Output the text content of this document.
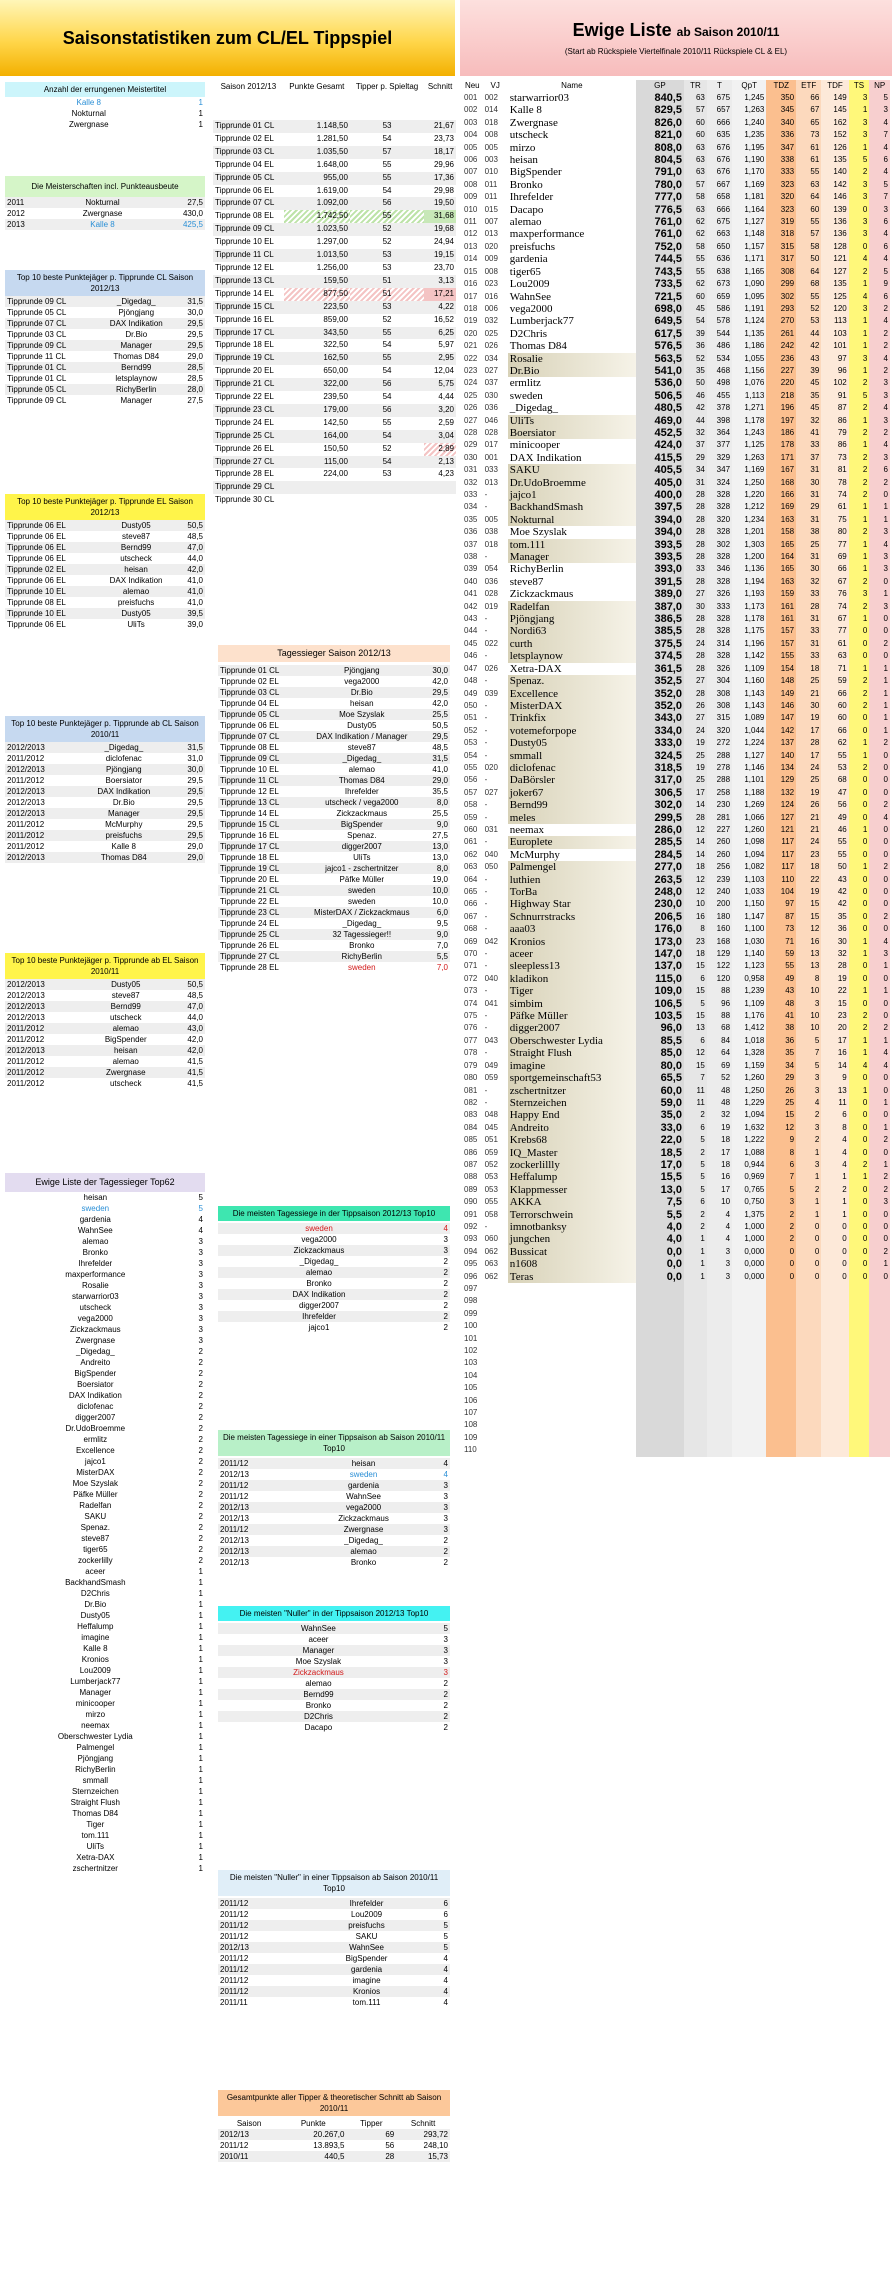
Saisonstatistiken zum CL/EL Tippspiel	Ewige Liste ab Saison 2010/11
(Start ab Rückspiele Viertelfinale 2010/11 Rückspiele CL & EL)
Anzahl der errungenen Meistertitel
Kalle 8	1
Nokturnal	1
Zwergnase	1
Die Meisterschaften incl. Punkteausbeute
2011	Nokturnal	27,5
2012	Zwergnase	430,0
2013	Kalle 8	425,5
Top 10 beste Punktejäger p. Tipprunde CL Saison 2012/13
Tipprunde 09 CL	_Digedag_	31,5
Tipprunde 05 CL	Pjöngjang	30,0
Tipprunde 07 CL	DAX Indikation	29,5
Tipprunde 03 CL	Dr.Bio	29,5
Tipprunde 09 CL	Manager	29,5
Tipprunde 11 CL	Thomas D84	29,0
Tipprunde 01 CL	Bernd99	28,5
Tipprunde 01 CL	letsplaynow	28,5
Tipprunde 05 CL	RichyBerlin	28,0
Tipprunde 09 CL	Manager	27,5
Top 10 beste Punktejäger p. Tipprunde EL Saison 2012/13
Tipprunde 06 EL	Dusty05	50,5
Tipprunde 06 EL	steve87	48,5
Tipprunde 06 EL	Bernd99	47,0
Tipprunde 06 EL	utscheck	44,0
Tipprunde 02 EL	heisan	42,0
Tipprunde 06 EL	DAX Indikation	41,0
Tipprunde 10 EL	alemao	41,0
Tipprunde 08 EL	preisfuchs	41,0
Tipprunde 10 EL	Dusty05	39,5
Tipprunde 06 EL	UliTs	39,0
Top 10 beste Punktejäger p. Tipprunde ab CL Saison 2010/11
2012/2013	_Digedag_	31,5
2011/2012	diclofenac	31,0
2012/2013	Pjöngjang	30,0
2011/2012	Boersiator	29,5
2012/2013	DAX Indikation	29,5
2012/2013	Dr.Bio	29,5
2012/2013	Manager	29,5
2011/2012	McMurphy	29,5
2011/2012	preisfuchs	29,5
2011/2012	Kalle 8	29,0
2012/2013	Thomas D84	29,0
Top 10 beste Punktejäger p. Tipprunde ab EL Saison 2010/11
2012/2013	Dusty05	50,5
2012/2013	steve87	48,5
2012/2013	Bernd99	47,0
2012/2013	utscheck	44,0
2011/2012	alemao	43,0
2011/2012	BigSpender	42,0
2012/2013	heisan	42,0
2011/2012	alemao	41,5
2011/2012	Zwergnase	41,5
2011/2012	utscheck	41,5
Ewige Liste der Tagessieger Top62
heisan	5
sweden	5
gardenia	4
WahnSee	4
alemao	3
Bronko	3
Ihrefelder	3
maxperformance	3
Rosalie	3
starwarrior03	3
utscheck	3
vega2000	3
Zickzackmaus	3
Zwergnase	3
_Digedag_	2
Andreito	2
BigSpender	2
Boersiator	2
DAX Indikation	2
diclofenac	2
digger2007	2
Dr.UdoBroemme	2
ermlitz	2
Excellence	2
jajco1	2
MisterDAX	2
Moe Szyslak	2
Päfke Müller	2
Radelfan	2
SAKU	2
Spenaz.	2
steve87	2
tiger65	2
zockerlilly	2
aceer	1
BackhandSmash	1
D2Chris	1
Dr.Bio	1
Dusty05	1
Heffalump	1
imagine	1
Kalle 8	1
Kronios	1
Lou2009	1
Lumberjack77	1
Manager	1
minicooper	1
mirzo	1
neemax	1
Oberschwester Lydia	1
Palmengel	1
Pjöngjang	1
RichyBerlin	1
smmall	1
Sternzeichen	1
Straight Flush	1
Thomas D84	1
Tiger	1
tom.111	1
UliTs	1
Xetra-DAX	1
zschertnitzer	1
Saison 2012/13	Punkte Gesamt	Tipper p. Spieltag	Schnitt
Tipprunde 01 CL	1.148,50	53	21,67
Tipprunde 02 EL	1.281,50	54	23,73
Tipprunde 03 CL	1.035,50	57	18,17
Tipprunde 04 EL	1.648,00	55	29,96
Tipprunde 05 CL	955,00	55	17,36
Tipprunde 06 EL	1.619,00	54	29,98
Tipprunde 07 CL	1.092,00	56	19,50
Tipprunde 08 EL	1.742,50	55	31,68
Tipprunde 09 CL	1.023,50	52	19,68
Tipprunde 10 EL	1.297,00	52	24,94
Tipprunde 11 CL	1.013,50	53	19,15
Tipprunde 12 EL	1.256,00	53	23,70
Tipprunde 13 CL	159,50	51	3,13
Tipprunde 14 EL	877,50	51	17,21
Tipprunde 15 CL	223,50	53	4,22
Tipprunde 16 EL	859,00	52	16,52
Tipprunde 17 CL	343,50	55	6,25
Tipprunde 18 EL	322,50	54	5,97
Tipprunde 19 CL	162,50	55	2,95
Tipprunde 20 EL	650,00	54	12,04
Tipprunde 21 CL	322,00	56	5,75
Tipprunde 22 EL	239,50	54	4,44
Tipprunde 23 CL	179,00	56	3,20
Tipprunde 24 EL	142,50	55	2,59
Tipprunde 25 CL	164,00	54	3,04
Tipprunde 26 EL	150,50	52	2,89
Tipprunde 27 CL	115,00	54	2,13
Tipprunde 28 EL	224,00	53	4,23
Tipprunde 29 CL			
Tipprunde 30 CL			
Tagessieger Saison 2012/13
Tipprunde 01 CL	Pjöngjang	30,0
Tipprunde 02 EL	vega2000	42,0
Tipprunde 03 CL	Dr.Bio	29,5
Tipprunde 04 EL	heisan	42,0
Tipprunde 05 CL	Moe Szyslak	25,5
Tipprunde 06 EL	Dusty05	50,5
Tipprunde 07 CL	DAX Indikation / Manager	29,5
Tipprunde 08 EL	steve87	48,5
Tipprunde 09 CL	_Digedag_	31,5
Tipprunde 10 EL	alemao	41,0
Tipprunde 11 CL	Thomas D84	29,0
Tipprunde 12 EL	Ihrefelder	35,5
Tipprunde 13 CL	utscheck / vega2000	8,0
Tipprunde 14 EL	Zickzackmaus	25,5
Tipprunde 15 CL	BigSpender	9,0
Tipprunde 16 EL	Spenaz.	27,5
Tipprunde 17 CL	digger2007	13,0
Tipprunde 18 EL	UliTs	13,0
Tipprunde 19 CL	jajco1 - zschertnitzer	8,0
Tipprunde 20 EL	Päfke Müller	19,0
Tipprunde 21 CL	sweden	10,0
Tipprunde 22 EL	sweden	10,0
Tipprunde 23 CL	MisterDAX / Zickzackmaus	6,0
Tipprunde 24 EL	_Digedag_	9,5
Tipprunde 25 CL	32 Tagessieger!!	9,0
Tipprunde 26 EL	Bronko	7,0
Tipprunde 27 CL	RichyBerlin	5,5
Tipprunde 28 EL	sweden	7,0
Die meisten Tagessiege in der Tippsaison 2012/13 Top10
sweden	4
vega2000	3
Zickzackmaus	3
_Digedag_	2
alemao	2
Bronko	2
DAX Indikation	2
digger2007	2
Ihrefelder	2
jajco1	2
Die meisten Tagessiege in einer Tippsaison ab Saison 2010/11 Top10
2011/12	heisan	4
2012/13	sweden	4
2011/12	gardenia	3
2011/12	WahnSee	3
2012/13	vega2000	3
2012/13	Zickzackmaus	3
2011/12	Zwergnase	3
2012/13	_Digedag_	2
2012/13	alemao	2
2012/13	Bronko	2
Die meisten "Nuller" in der Tippsaison 2012/13 Top10
WahnSee	5
aceer	3
Manager	3
Moe Szyslak	3
Zickzackmaus	3
alemao	2
Bernd99	2
Bronko	2
D2Chris	2
Dacapo	2
Die meisten "Nuller" in einer Tippsaison ab Saison 2010/11 Top10
2011/12	Ihrefelder	6
2011/12	Lou2009	6
2011/12	preisfuchs	5
2011/12	SAKU	5
2012/13	WahnSee	5
2011/12	BigSpender	4
2011/12	gardenia	4
2011/12	imagine	4
2011/12	Kronios	4
2011/11	tom.111	4
Gesamtpunkte aller Tipper & theoretischer Schnitt ab Saison 2010/11
Saison	Punkte	Tipper	Schnitt
2012/13	20.267,0	69	293,72
2011/12	13.893,5	56	248,10
2010/11	440,5	28	15,73
Neu	VJ	Name	GP	TR	T	QpT	TDZ	ETF	TDF	TS	NP
001	002	starwarrior03	840,5	63	675	1,245	350	66	149	3	5
002	014	Kalle 8	829,5	57	657	1,263	345	67	145	1	3
003	018	Zwergnase	826,0	60	666	1,240	340	65	162	3	4
004	008	utscheck	821,0	60	635	1,235	336	73	152	3	7
005	005	mirzo	808,0	63	676	1,195	347	61	126	1	4
006	003	heisan	804,5	63	676	1,190	338	61	135	5	6
007	010	BigSpender	791,0	63	676	1,170	333	55	140	2	4
008	011	Bronko	780,0	57	667	1,169	323	63	142	3	5
009	011	Ihrefelder	777,0	58	658	1,181	320	64	146	3	7
010	015	Dacapo	776,5	63	666	1,164	323	60	139	0	3
011	007	alemao	761,0	62	675	1,127	319	55	136	3	6
012	013	maxperformance	761,0	62	663	1,148	318	57	136	3	4
013	020	preisfuchs	752,0	58	650	1,157	315	58	128	0	6
014	009	gardenia	744,5	55	636	1,171	317	50	121	4	4
015	008	tiger65	743,5	55	638	1,165	308	64	127	2	5
016	023	Lou2009	733,5	62	673	1,090	299	68	135	1	9
017	016	WahnSee	721,5	60	659	1,095	302	55	125	4	6
018	006	vega2000	698,0	45	586	1,191	293	52	120	3	2
019	032	Lumberjack77	649,5	54	578	1,124	270	53	113	1	4
020	025	D2Chris	617,5	39	544	1,135	261	44	103	1	2
021	026	Thomas D84	576,5	36	486	1,186	242	42	101	1	2
022	034	Rosalie	563,5	52	534	1,055	236	43	97	3	4
023	027	Dr.Bio	541,0	35	468	1,156	227	39	96	1	2
024	037	ermlitz	536,0	50	498	1,076	220	45	102	2	3
025	030	sweden	506,5	46	455	1,113	218	35	91	5	3
026	036	_Digedag_	480,5	42	378	1,271	196	45	87	2	4
027	046	UliTs	469,0	44	398	1,178	197	32	86	1	3
028	028	Boersiator	452,5	32	364	1,243	186	41	79	2	2
029	017	minicooper	424,0	37	377	1,125	178	33	86	1	4
030	001	DAX Indikation	415,5	29	329	1,263	171	37	73	2	3
031	033	SAKU	405,5	34	347	1,169	167	31	81	2	6
032	013	Dr.UdoBroemme	405,0	31	324	1,250	168	30	78	2	2
033	-	jajco1	400,0	28	328	1,220	166	31	74	2	0
034	-	BackhandSmash	397,5	28	328	1,212	169	29	61	1	1
035	005	Nokturnal	394,0	28	320	1,234	163	31	75	1	1
036	038	Moe Szyslak	394,0	28	328	1,201	158	38	80	2	3
037	018	tom.111	393,5	28	302	1,303	165	25	77	1	4
038	-	Manager	393,5	28	328	1,200	164	31	69	1	3
039	054	RichyBerlin	393,0	33	346	1,136	165	30	66	1	3
040	036	steve87	391,5	28	328	1,194	163	32	67	2	0
041	028	Zickzackmaus	389,0	27	326	1,193	159	33	76	3	1
042	019	Radelfan	387,0	30	333	1,173	161	28	74	2	3
043	-	Pjöngjang	386,5	28	328	1,178	161	31	67	1	0
044	-	Nordi63	385,5	28	328	1,175	157	33	77	0	0
045	022	curth	375,5	24	314	1,196	157	31	61	0	2
046	-	letsplaynow	374,5	28	328	1,142	155	33	63	0	0
047	026	Xetra-DAX	361,5	28	326	1,109	154	18	71	1	1
048	-	Spenaz.	352,5	27	304	1,160	148	25	59	2	1
049	039	Excellence	352,0	28	308	1,143	149	21	66	2	1
050	-	MisterDAX	352,0	26	308	1,143	146	30	60	2	1
051	-	Trinkfix	343,0	27	315	1,089	147	19	60	0	1
052	-	votemeforpope	334,0	24	320	1,044	142	17	66	0	1
053	-	Dusty05	333,0	19	272	1,224	137	28	62	1	2
054	-	smmall	324,5	25	288	1,127	140	17	55	1	0
055	020	diclofenac	318,5	19	278	1,146	134	24	53	2	0
056	-	DaBörsler	317,0	25	288	1,101	129	25	68	0	0
057	027	joker67	306,5	17	258	1,188	132	19	47	0	0
058	-	Bernd99	302,0	14	230	1,269	124	26	56	0	2
059	-	meles	299,5	28	281	1,066	127	21	49	0	4
060	031	neemax	286,0	12	227	1,260	121	21	46	1	0
061	-	Europlete	285,5	14	260	1,098	117	24	55	0	0
062	040	McMurphy	284,5	14	260	1,094	117	23	55	0	0
063	050	Palmengel	277,0	18	256	1,082	117	18	50	1	2
064	-	luthien	263,5	12	239	1,103	110	22	43	0	0
065	-	TorBa	248,0	12	240	1,033	104	19	42	0	0
066	-	Highway Star	230,0	10	200	1,150	97	15	42	0	0
067	-	Schnurrstracks	206,5	16	180	1,147	87	15	35	0	2
068	-	aaa03	176,0	8	160	1,100	73	12	36	0	0
069	042	Kronios	173,0	23	168	1,030	71	16	30	1	4
070	-	aceer	147,0	18	129	1,140	59	13	32	1	3
071	-	sleepless13	137,0	15	122	1,123	55	13	28	0	1
072	040	kladikon	115,0	6	120	0,958	49	8	19	0	0
073	-	Tiger	109,0	15	88	1,239	43	10	22	1	1
074	041	simbim	106,5	5	96	1,109	48	3	15	0	0
075	-	Päfke Müller	103,5	15	88	1,176	41	10	23	2	0
076	-	digger2007	96,0	13	68	1,412	38	10	20	2	2
077	043	Oberschwester Lydia	85,5	6	84	1,018	36	5	17	1	1
078	-	Straight Flush	85,0	12	64	1,328	35	7	16	1	4
079	049	imagine	80,0	15	69	1,159	34	5	14	4	4
080	059	sportgemeinschaft53	65,5	7	52	1,260	29	3	9	0	0
081	-	zschertnitzer	60,0	11	48	1,250	26	3	13	1	0
082	-	Sternzeichen	59,0	11	48	1,229	25	4	11	0	1
083	048	Happy End	35,0	2	32	1,094	15	2	6	0	0
084	045	Andreito	33,0	6	19	1,632	12	3	8	0	1
085	051	Krebs68	22,0	5	18	1,222	9	2	4	0	2
086	059	IQ_Master	18,5	2	17	1,088	8	1	4	0	0
087	052	zockerlillly	17,0	5	18	0,944	6	3	4	2	1
088	053	Heffalump	15,5	5	16	0,969	7	1	1	1	2
089	053	Klappmesser	13,0	5	17	0,765	5	2	2	0	2
090	055	AKKA	7,5	6	10	0,750	3	1	1	0	3
091	058	Terrorschwein	5,5	2	4	1,375	2	1	1	0	0
092	-	imnotbanksy	4,0	2	4	1,000	2	0	0	0	0
093	060	jungchen	4,0	1	4	1,000	2	0	0	0	0
094	062	Bussicat	0,0	1	3	0,000	0	0	0	0	2
095	063	n1608	0,0	1	3	0,000	0	0	0	0	1
096	062	Teras	0,0	1	3	0,000	0	0	0	0	0
097											
098											
099											
100											
101											
102											
103											
104											
105											
106											
107											
108											
109											
110											
